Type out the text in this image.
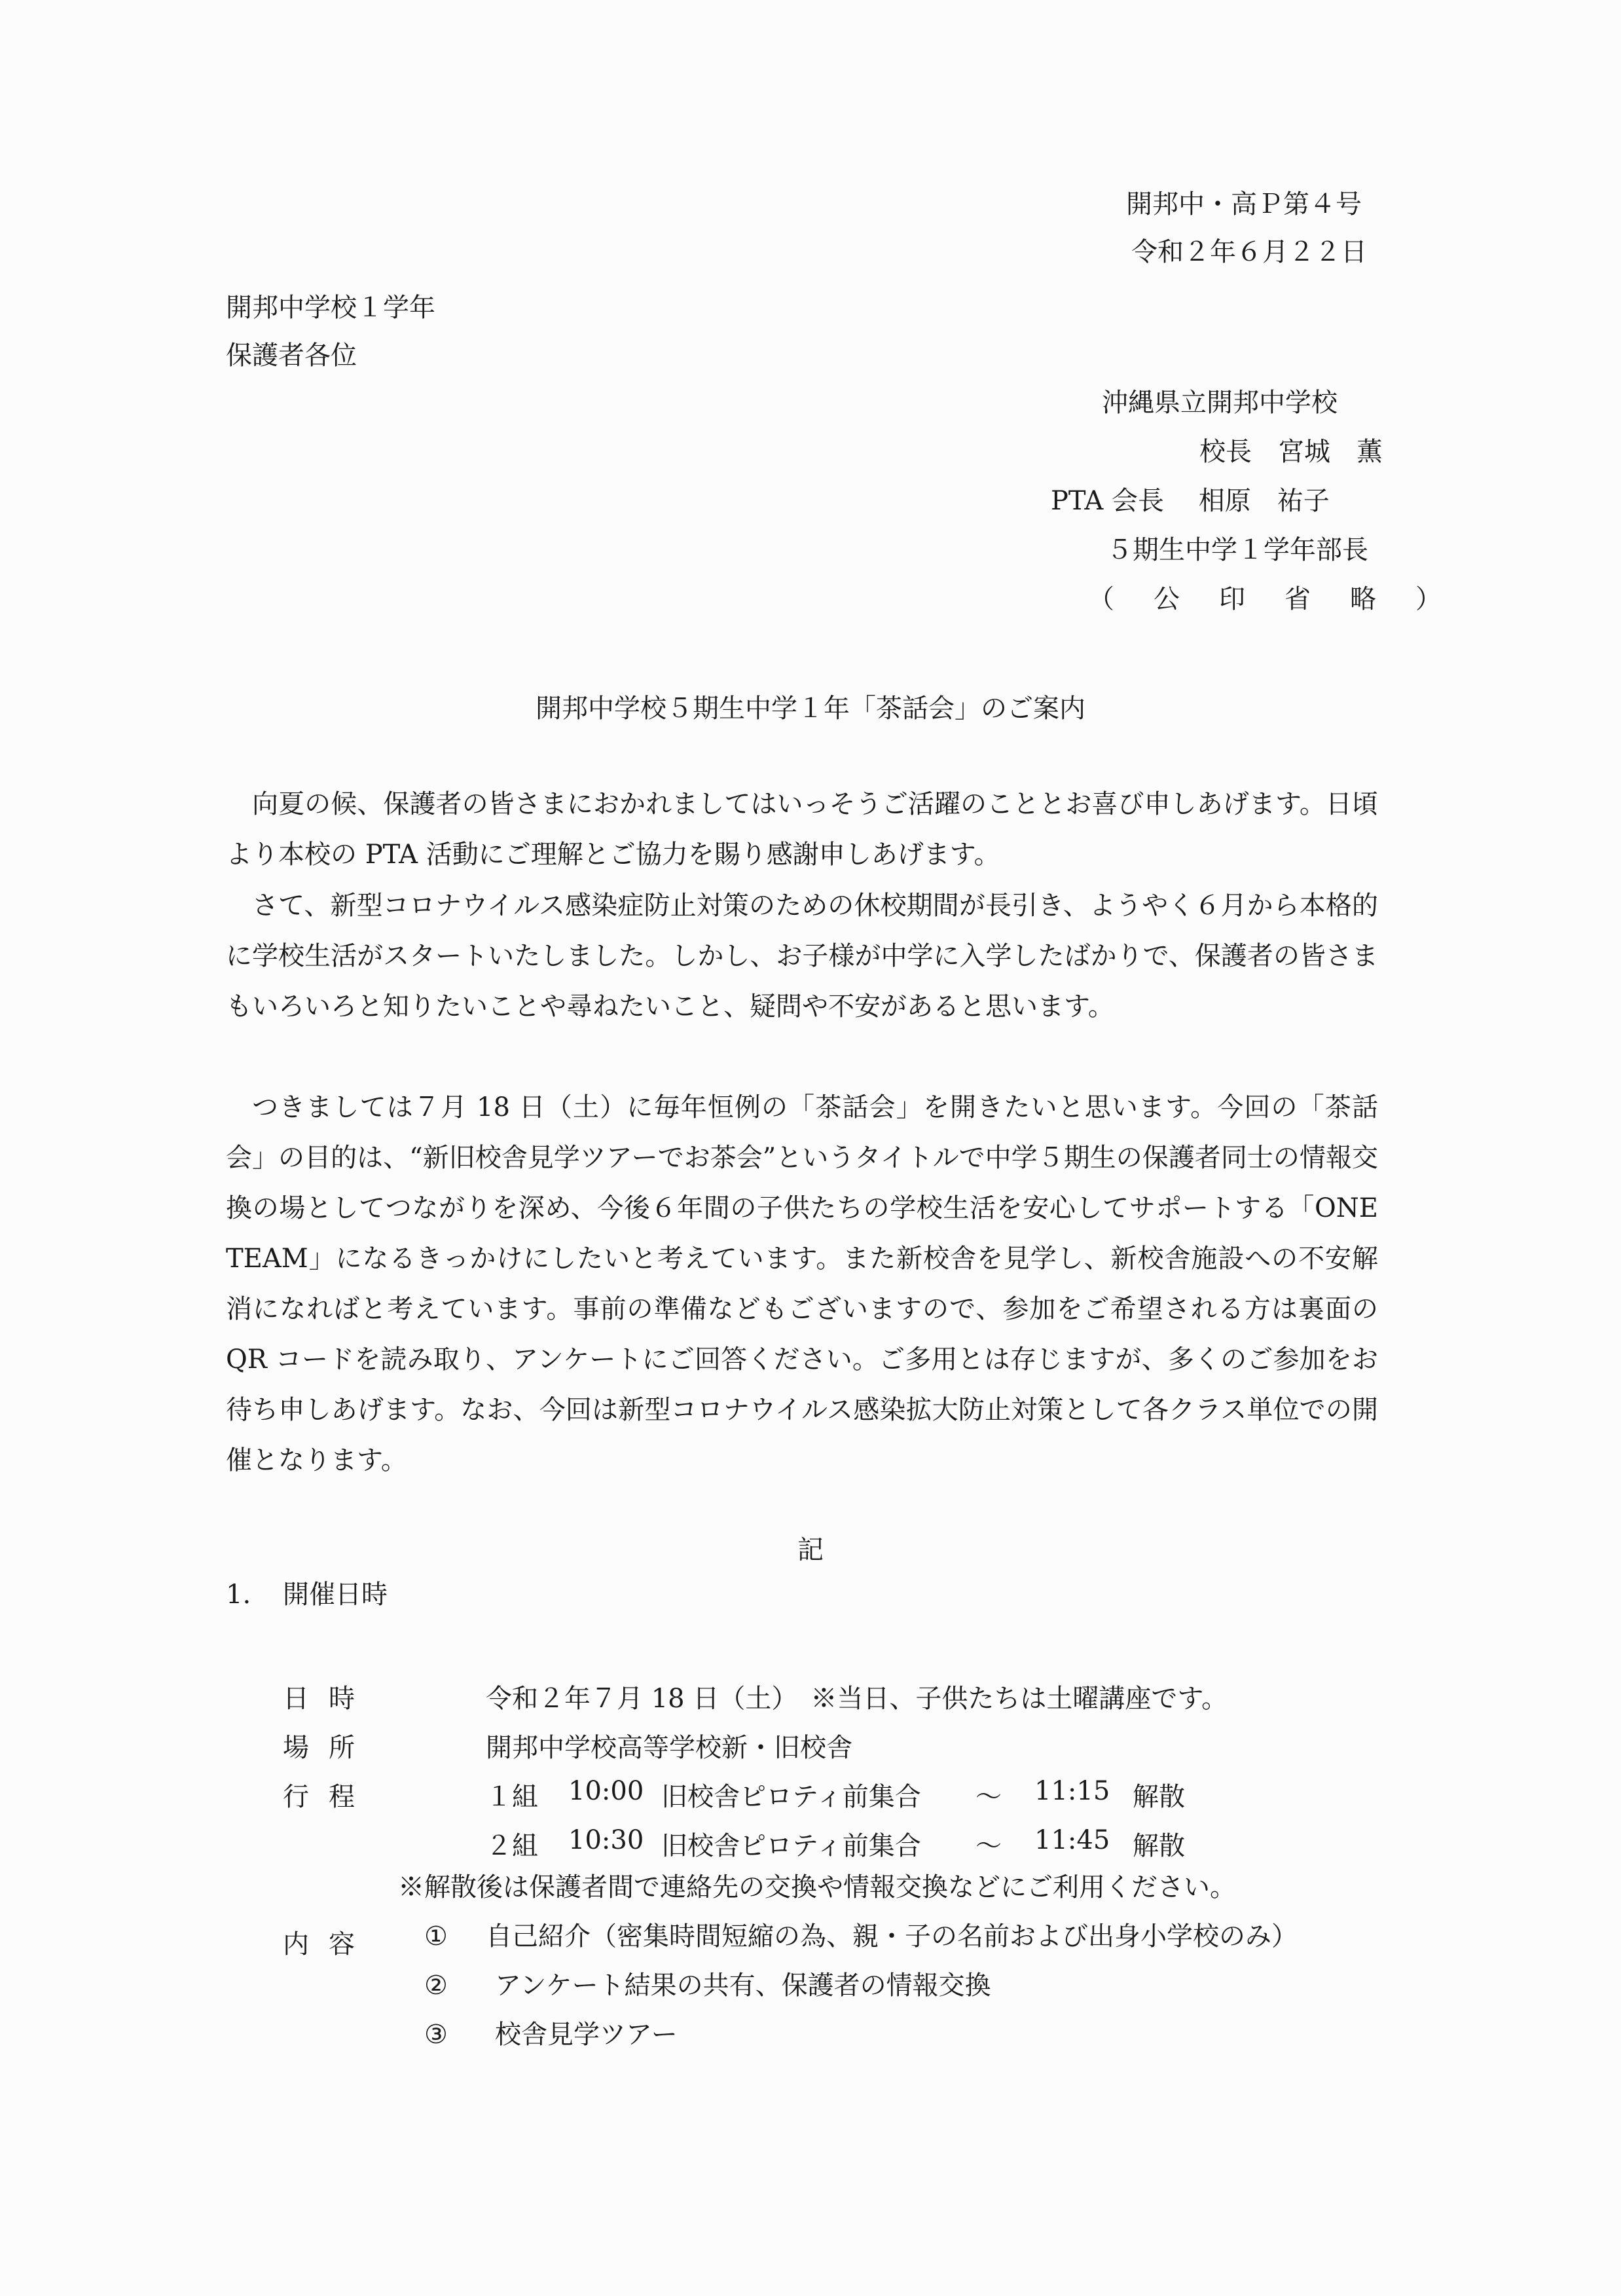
開邦中・高Ｐ第４号
令和２年６月２２日
開邦中学校１学年
保護者各位
沖縄県立開邦中学校
校長　宮城　薫
PTA 会長　 相原　祐子
５期生中学１学年部長
（　公　印　省　略　）
開邦中学校５期生中学１年「茶話会」のご案内
向夏の候、保護者の皆さまにおかれましてはいっそうご活躍のこととお喜び申しあげます。日頃より本校の PTA 活動にご理解とご協力を賜り感謝申しあげます。
さて、新型コロナウイルス感染症防止対策のための休校期間が長引き、ようやく６月から本格的に学校生活がスタートいたしました。しかし、お子様が中学に入学したばかりで、保護者の皆さまもいろいろと知りたいことや尋ねたいこと、疑問や不安があると思います。
つきましては７月 18 日（土）に毎年恒例の「茶話会」を開きたいと思います。今回の「茶話会」の目的は、“新旧校舎見学ツアーでお茶会”というタイトルで中学５期生の保護者同士の情報交換の場としてつながりを深め、今後６年間の子供たちの学校生活を安心してサポートする「ONE　TEAM」になるきっかけにしたいと考えています。また新校舎を見学し、新校舎施設への不安解消になればと考えています。事前の準備などもございますので、参加をご希望される方は裏面の QR コードを読み取り、アンケートにご回答ください。ご多用とは存じますが、多くのご参加をお待ち申しあげます。なお、今回は新型コロナウイルス感染拡大防止対策として各クラス単位での開催となります。
記
1. 開催日時
日時	令和２年７月 18 日（土）　※当日、子供たちは土曜講座です。
場所	開邦中学校高等学校新・旧校舎
行程	１組 10:00 旧校舎ピロティ前集合 ～ 11:15 解散
２組 10:30 旧校舎ピロティ前集合 ～ 11:45 解散
※解散後は保護者間で連絡先の交換や情報交換などにご利用ください。
内容 ① 自己紹介（密集時間短縮の為、親・子の名前および出身小学校のみ）
② アンケート結果の共有、保護者の情報交換
③ 校舎見学ツアー
